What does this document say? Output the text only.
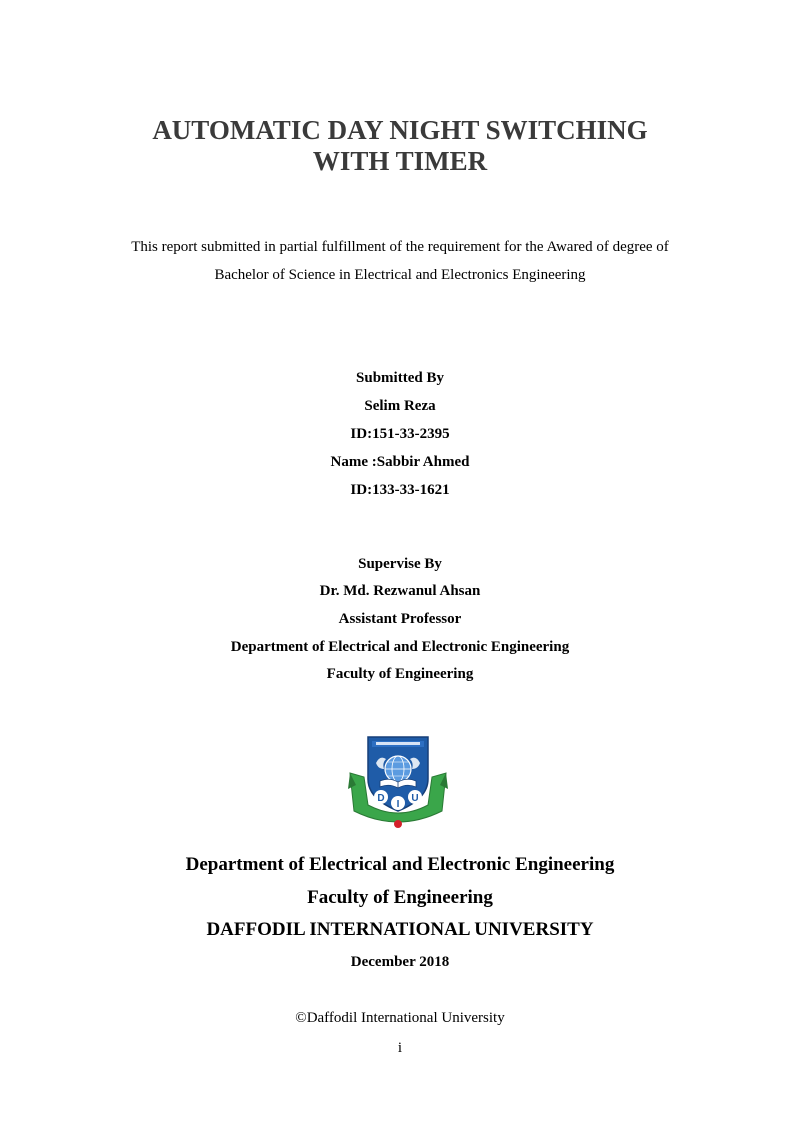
AUTOMATIC DAY NIGHT SWITCHING
WITH TIMER
This report submitted in partial fulfillment of the requirement for the Awared of degree of
Bachelor of Science in Electrical and Electronics Engineering
Submitted By
Selim Reza
ID:151-33-2395
Name :Sabbir Ahmed
ID:133-33-1621
Supervise By
Dr. Md. Rezwanul Ahsan
Assistant Professor
Department of Electrical and Electronic Engineering
Faculty of Engineering
D
I
U
Department of Electrical and Electronic Engineering
Faculty of Engineering
DAFFODIL INTERNATIONAL UNIVERSITY
December 2018
©Daffodil International University
i
